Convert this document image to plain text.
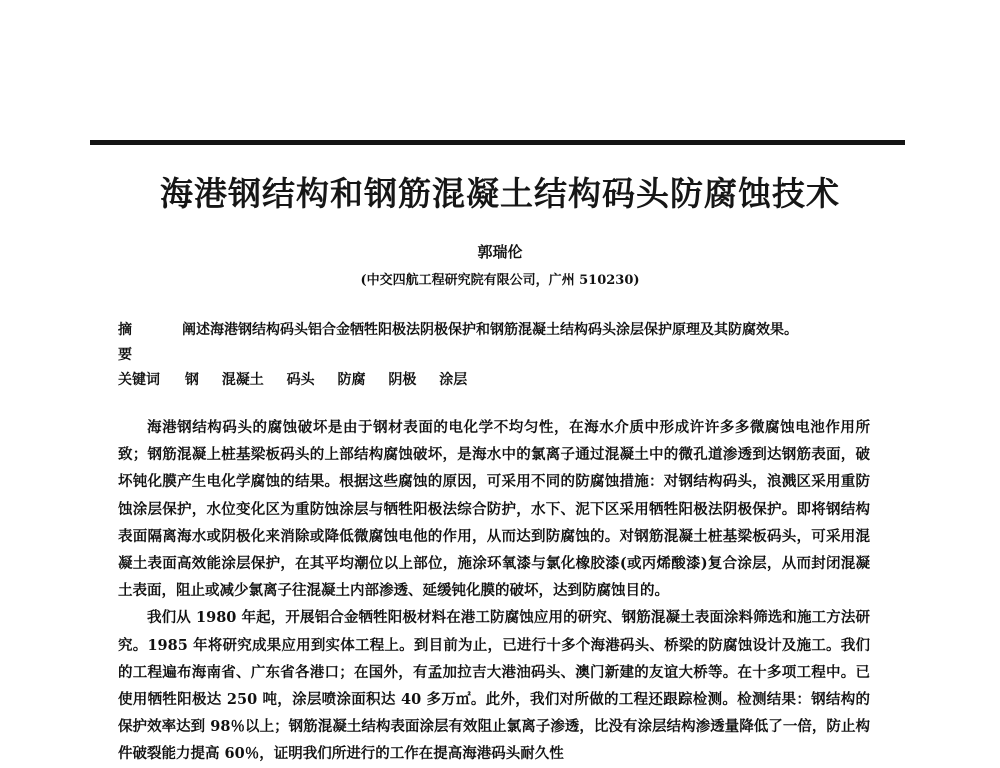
海港钢结构和钢筋混凝土结构码头防腐蚀技术
郭瑞伦
(中交四航工程研究院有限公司，广州 510230)
摘 要
阐述海港钢结构码头铝合金牺牲阳极法阴极保护和钢筋混凝土结构码头涂层保护原理及其防腐效果。
关键词 钢 混凝土 码头 防腐 阴极 涂层

海港钢结构码头的腐蚀破坏是由于钢材表面的电化学不均匀性，在海水介质中形成许许多多微腐蚀电池作用所致；钢筋混凝上桩基梁板码头的上部结构腐蚀破坏，是海水中的氯离子通过混凝土中的微孔道渗透到达钢筋表面，破坏钝化膜产生电化学腐蚀的结果。根据这些腐蚀的原因，可采用不同的防腐蚀措施：对钢结构码头，浪溅区采用重防蚀涂层保护，水位变化区为重防蚀涂层与牺牲阳极法综合防护，水下、泥下区采用牺牲阳极法阴极保护。即将钢结构表面隔离海水或阴极化来消除或降低微腐蚀电他的作用，从而达到防腐蚀的。对钢筋混凝土桩基梁板码头，可采用混凝土表面高效能涂层保护，在其平均潮位以上部位，施涂环氧漆与氯化橡胶漆(或丙烯酸漆)复合涂层，从而封闭混凝土表面，阻止或减少氯离子往混凝土内部渗透、延缓钝化膜的破坏，达到防腐蚀目的。

我们从 1980 年起，开展铝合金牺牲阳极材料在港工防腐蚀应用的研究、钢筋混凝土表面涂料筛选和施工方法研究。1985 年将研究成果应用到实体工程上。到目前为止，已进行十多个海港码头、桥梁的防腐蚀设计及施工。我们的工程遍布海南省、广东省各港口；在国外，有孟加拉吉大港油码头、澳门新建的友谊大桥等。在十多项工程中。已使用牺牲阳极达 250 吨，涂层喷涂面积达 40 多万㎡。此外，我们对所做的工程还跟踪检测。检测结果：钢结构的保护效率达到 98％以上；钢筋混凝土结构表面涂层有效阻止氯离子渗透，比没有涂层结构渗透量降低了一倍，防止构件破裂能力提高 60％，证明我们所进行的工作在提高海港码头耐久性
